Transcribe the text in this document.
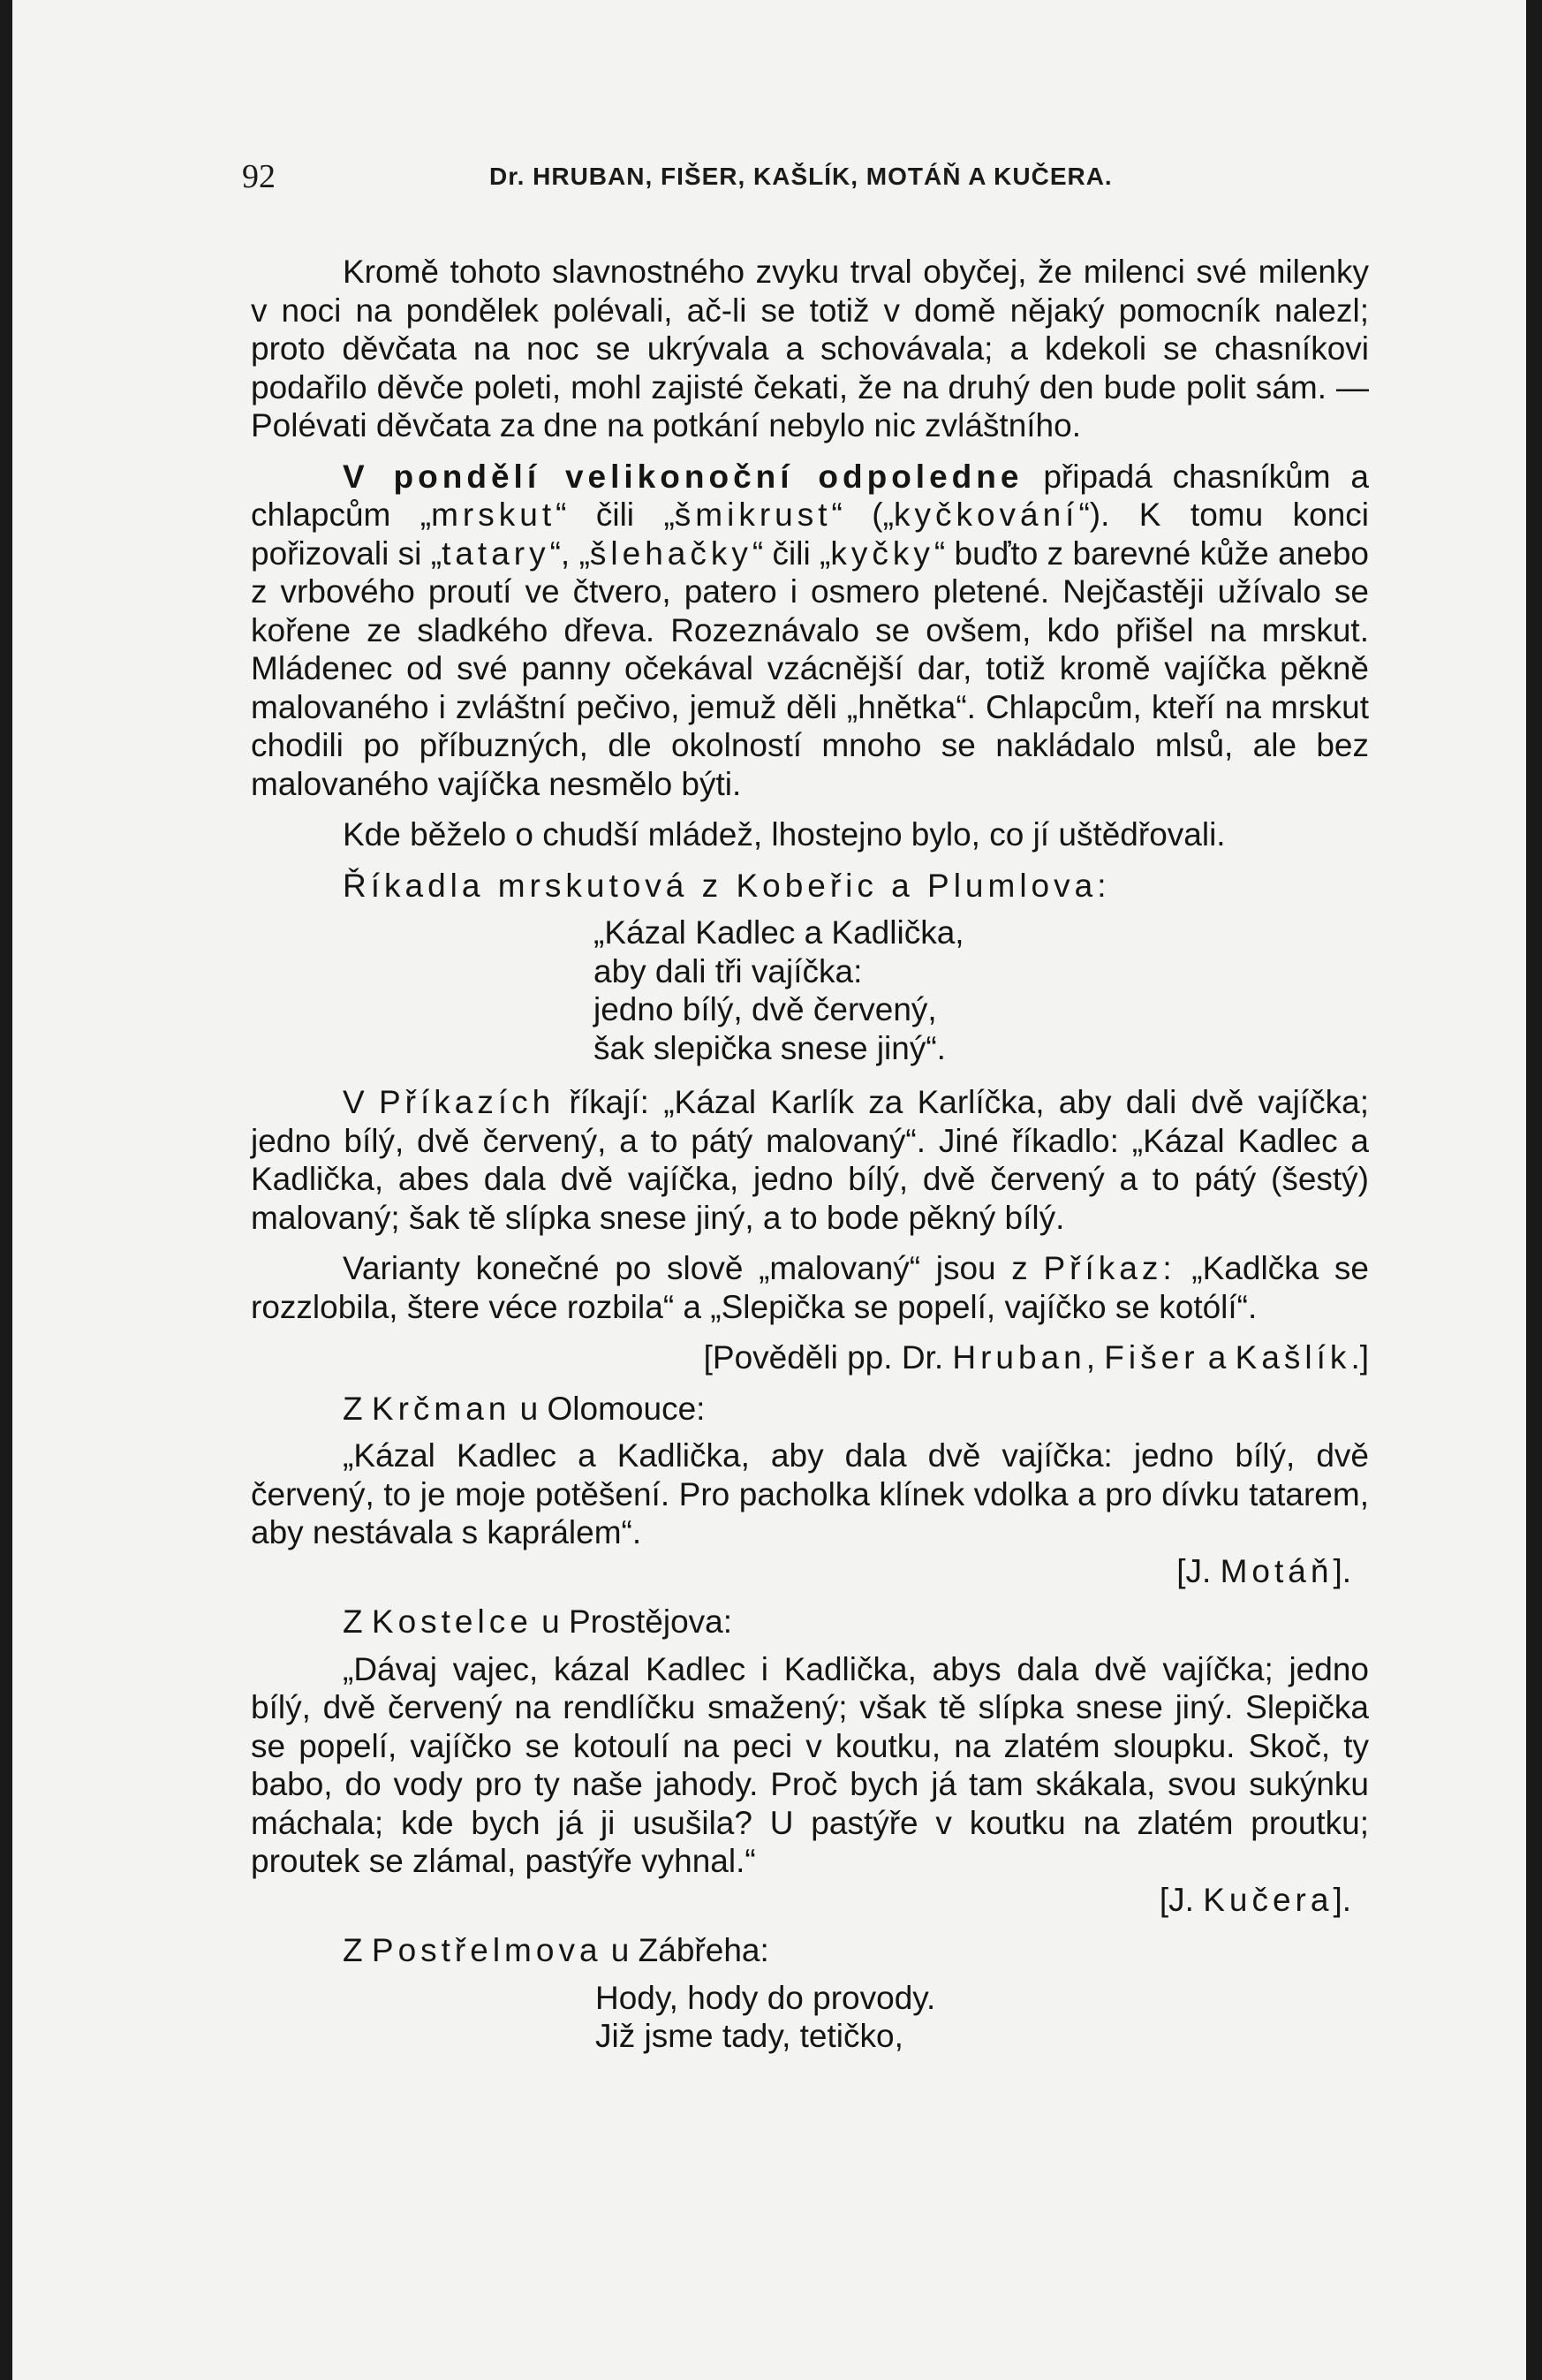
92	Dr. HRUBAN, FIŠER, KAŠLÍK, MOTÁŇ A KUČERA.

Kromě tohoto slavnostného zvyku trval obyčej, že milenci své milenky v noci na pondělek polévali, ač-li se totiž v domě nějaký pomocník nalezl; proto děvčata na noc se ukrývala a schovávala; a kdekoli se chasníkovi podařilo děvče poleti, mohl zajisté čekati, že na druhý den bude polit sám. — Polévati děvčata za dne na potkání nebylo nic zvláštního.

V pondělí velikonoční odpoledne připadá chasníkům a chlapcům „mrskut“ čili „šmikrust“ („kyčkování“). K tomu konci pořizovali si „tatary“, „šlehačky“ čili „kyčky“ buďto z barevné kůže anebo z vrbového proutí ve čtvero, patero i osmero pletené. Nejčastěji užívalo se kořene ze sladkého dřeva. Rozeznávalo se ovšem, kdo přišel na mrskut. Mládenec od své panny očekával vzácnější dar, totiž kromě vajíčka pěkně malovaného i zvláštní pečivo, jemuž děli „hnětka“. Chlapcům, kteří na mrskut chodili po příbuzných, dle okolností mnoho se nakládalo mlsů, ale bez malovaného vajíčka nesmělo býti.

Kde běželo o chudší mládež, lhostejno bylo, co jí uštědřovali.

Říkadla mrskutová z Kobeřic a Plumlova:

„Kázal Kadlec a Kadlička,
aby dali tři vajíčka:
jedno bílý, dvě červený,
šak slepička snese jiný“.

V Příkazích říkají: „Kázal Karlík za Karlíčka, aby dali dvě vajíčka; jedno bílý, dvě červený, a to pátý malovaný“. Jiné říkadlo: „Kázal Kadlec a Kadlička, abes dala dvě vajíčka, jedno bílý, dvě červený a to pátý (šestý) malovaný; šak tě slípka snese jiný, a to bode pěkný bílý.

Varianty konečné po slově „malovaný“ jsou z Příkaz: „Kadlčka se rozzlobila, štere véce rozbila“ a „Slepička se popelí, vajíčko se kotólí“.

[Pověděli pp. Dr. Hruban, Fišer a Kašlík.]

Z Krčman u Olomouce:

„Kázal Kadlec a Kadlička, aby dala dvě vajíčka: jedno bílý, dvě červený, to je moje potěšení. Pro pacholka klínek vdolka a pro dívku tatarem, aby nestávala s kaprálem“.
[J. Motáň].

Z Kostelce u Prostějova:

„Dávaj vajec, kázal Kadlec i Kadlička, abys dala dvě vajíčka; jedno bílý, dvě červený na rendlíčku smažený; však tě slípka snese jiný. Slepička se popelí, vajíčko se kotoulí na peci v koutku, na zlatém sloupku. Skoč, ty babo, do vody pro ty naše jahody. Proč bych já tam skákala, svou sukýnku máchala; kde bych já ji usušila? U pastýře v koutku na zlatém proutku; proutek se zlámal, pastýře vyhnal.“
[J. Kučera].

Z Postřelmova u Zábřeha:

Hody, hody do provody.
Již jsme tady, tetičko,
